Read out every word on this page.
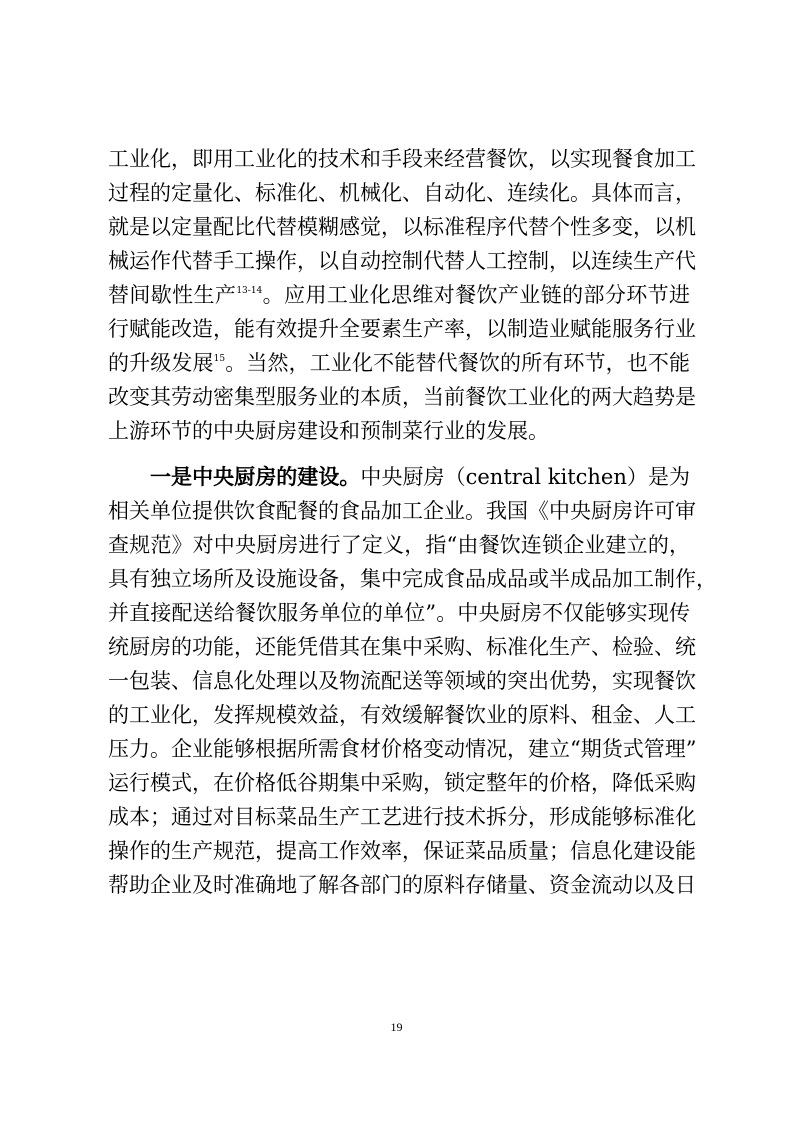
工业化，即用工业化的技术和手段来经营餐饮，以实现餐食加工
过程的定量化、标准化、机械化、自动化、连续化。具体而言，
就是以定量配比代替模糊感觉，以标准程序代替个性多变，以机
械运作代替手工操作，以自动控制代替人工控制，以连续生产代
替间歇性生产$^{13-14}$。应用工业化思维对餐饮产业链的部分环节进
行赋能改造，能有效提升全要素生产率，以制造业赋能服务行业
的升级发展$^{15}$。当然，工业化不能替代餐饮的所有环节，也不能
改变其劳动密集型服务业的本质，当前餐饮工业化的两大趋势是
上游环节的中央厨房建设和预制菜行业的发展。
一是中央厨房的建设。中央厨房（central kitchen）是为
相关单位提供饮食配餐的食品加工企业。我国《中央厨房许可审
查规范》对中央厨房进行了定义，指“由餐饮连锁企业建立的，
具有独立场所及设施设备，集中完成食品成品或半成品加工制作，
并直接配送给餐饮服务单位的单位”。中央厨房不仅能够实现传
统厨房的功能，还能凭借其在集中采购、标准化生产、检验、统
一包装、信息化处理以及物流配送等领域的突出优势，实现餐饮
的工业化，发挥规模效益，有效缓解餐饮业的原料、租金、人工
压力。企业能够根据所需食材价格变动情况，建立“期货式管理”
运行模式，在价格低谷期集中采购，锁定整年的价格，降低采购
成本；通过对目标菜品生产工艺进行技术拆分，形成能够标准化
操作的生产规范，提高工作效率，保证菜品质量；信息化建设能
帮助企业及时准确地了解各部门的原料存储量、资金流动以及日
19
